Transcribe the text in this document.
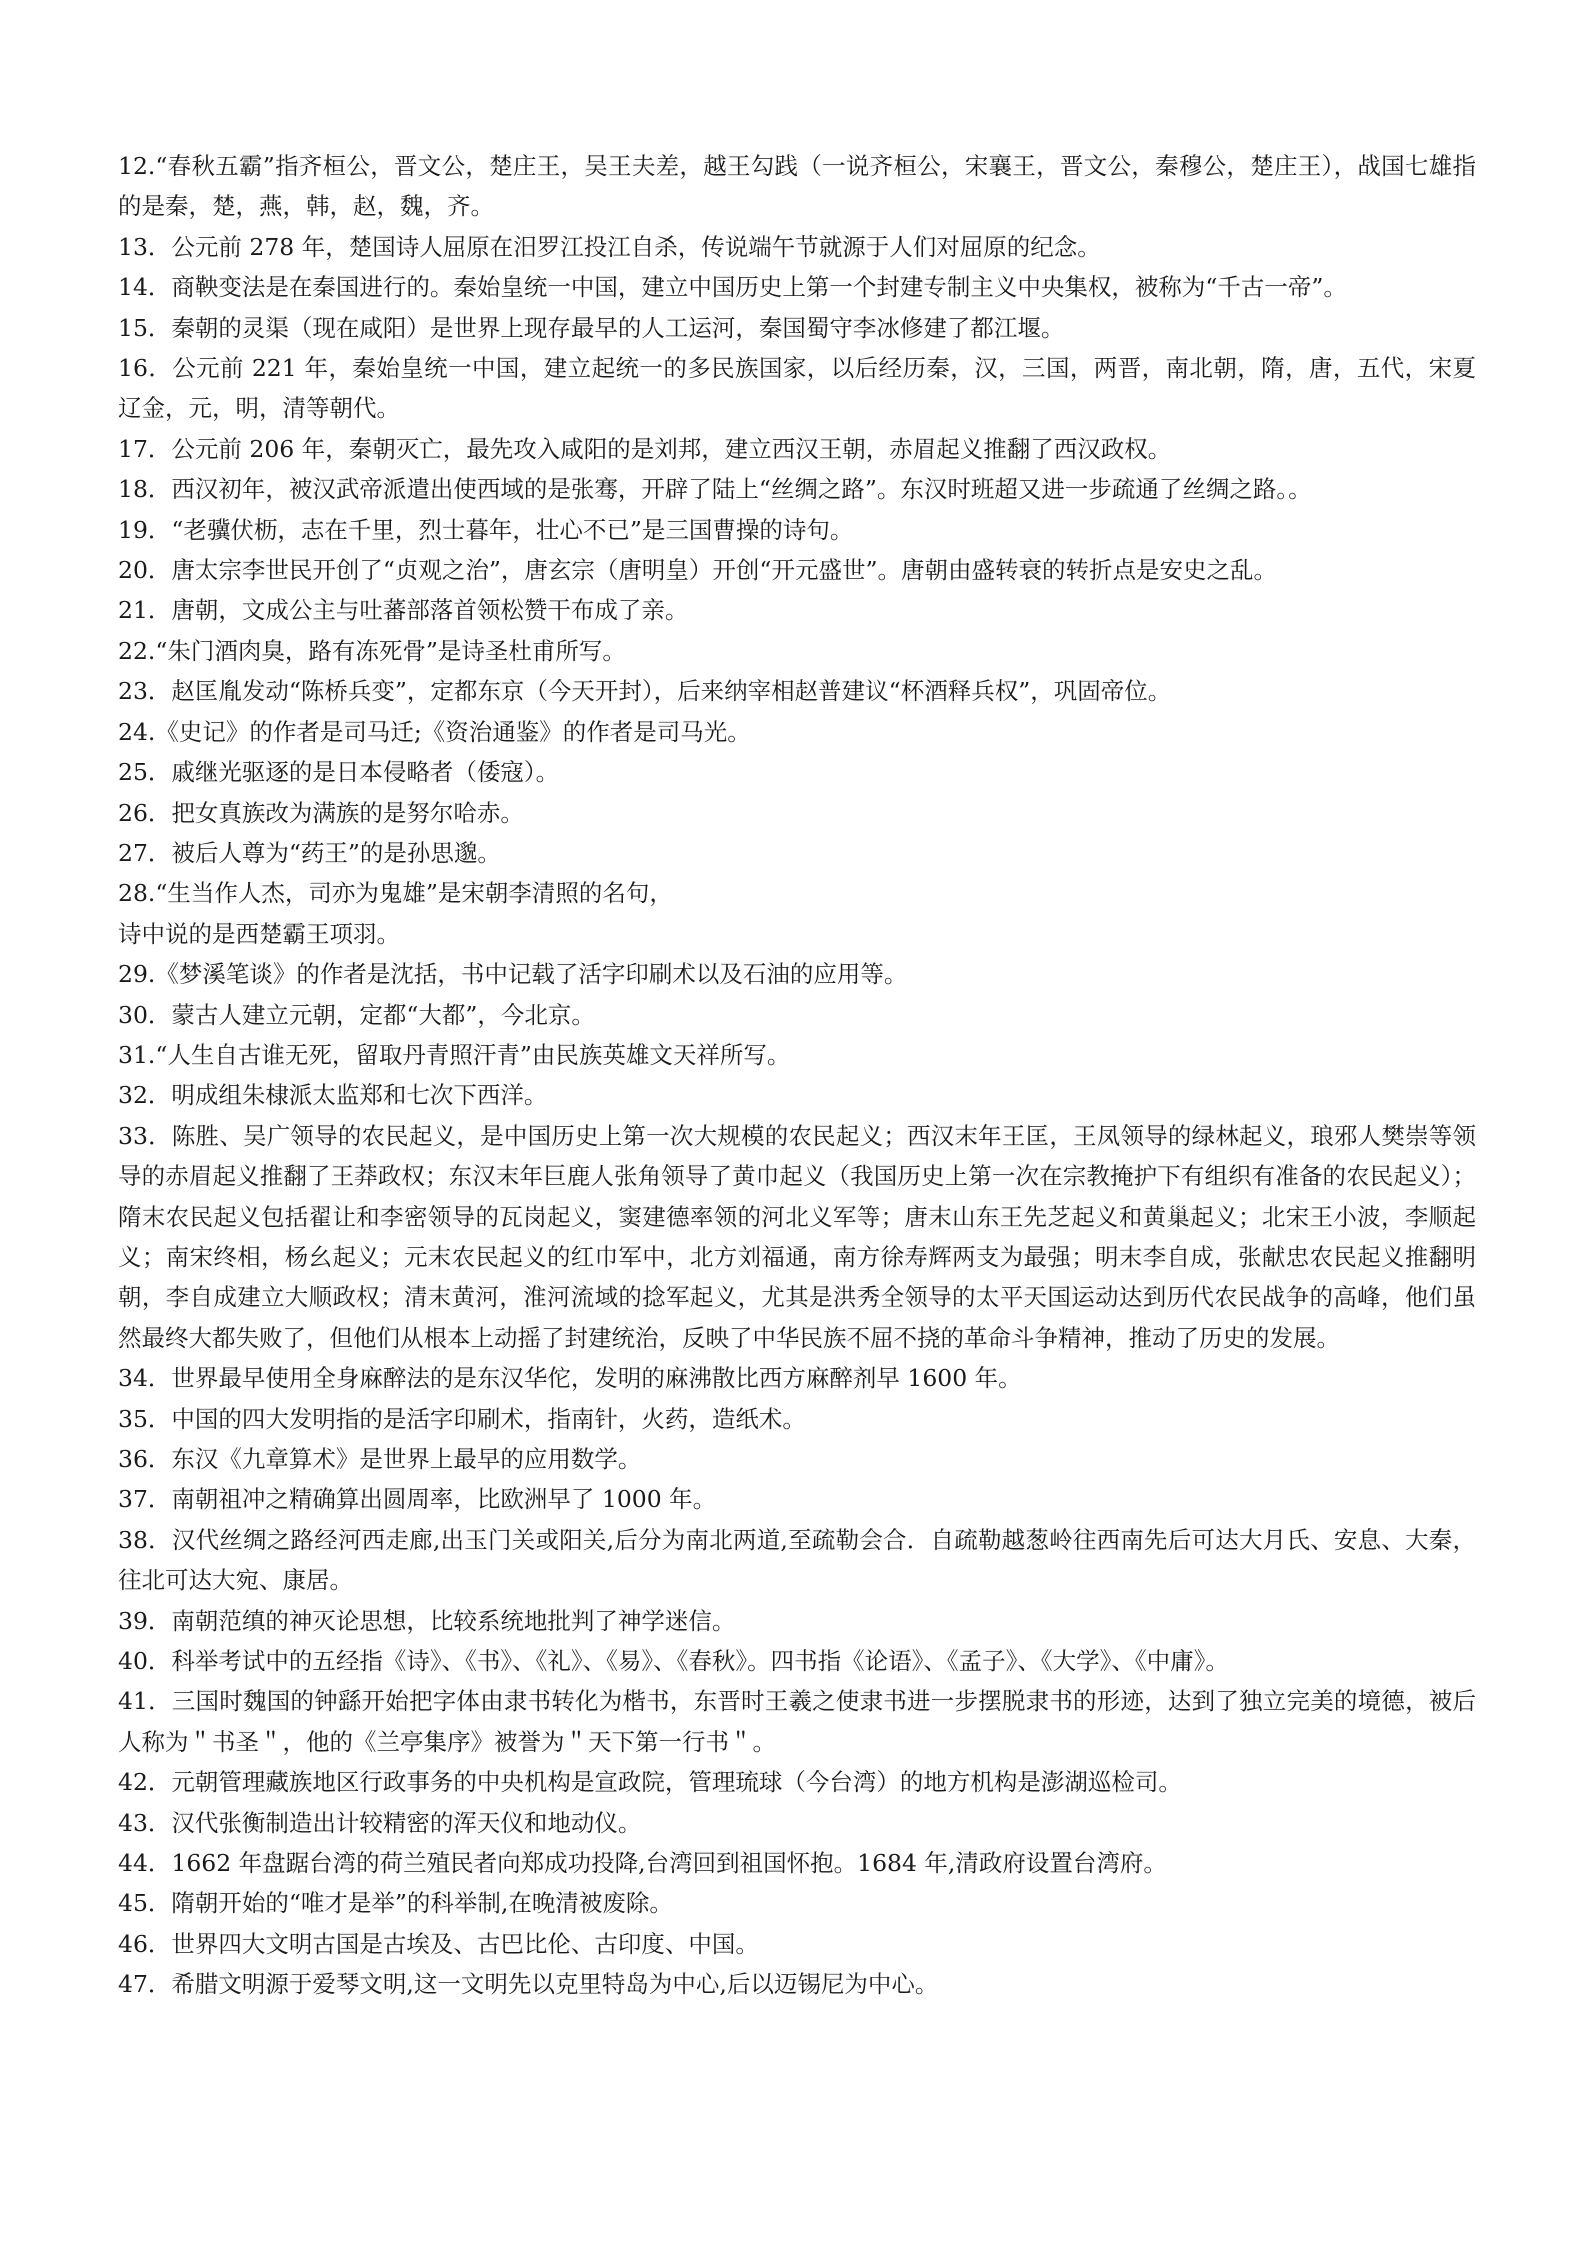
12.“春秋五霸”指齐桓公，晋文公，楚庄王，吴王夫差，越王勾践（一说齐桓公，宋襄王，晋文公，秦穆公，楚庄王），战国七雄指的是秦，楚，燕，韩，赵，魏，齐。

13．公元前 278 年，楚国诗人屈原在汨罗江投江自杀，传说端午节就源于人们对屈原的纪念。

14．商鞅变法是在秦国进行的。秦始皇统一中国，建立中国历史上第一个封建专制主义中央集权，被称为“千古一帝”。

15．秦朝的灵渠（现在咸阳）是世界上现存最早的人工运河，秦国蜀守李冰修建了都江堰。

16．公元前 221 年，秦始皇统一中国，建立起统一的多民族国家，以后经历秦，汉，三国，两晋，南北朝，隋，唐，五代，宋夏辽金，元，明，清等朝代。

17．公元前 206 年，秦朝灭亡，最先攻入咸阳的是刘邦，建立西汉王朝，赤眉起义推翻了西汉政权。

18．西汉初年，被汉武帝派遣出使西域的是张骞，开辟了陆上“丝绸之路”。东汉时班超又进一步疏通了丝绸之路。。

19．“老骥伏枥，志在千里，烈士暮年，壮心不已”是三国曹操的诗句。

20．唐太宗李世民开创了“贞观之治”，唐玄宗（唐明皇）开创“开元盛世”。唐朝由盛转衰的转折点是安史之乱。

21．唐朝，文成公主与吐蕃部落首领松赞干布成了亲。

22.“朱门酒肉臭，路有冻死骨”是诗圣杜甫所写。

23．赵匡胤发动“陈桥兵变”，定都东京（今天开封），后来纳宰相赵普建议“杯酒释兵权”，巩固帝位。

24.《史记》的作者是司马迁;《资治通鉴》的作者是司马光。

25．戚继光驱逐的是日本侵略者（倭寇）。

26．把女真族改为满族的是努尔哈赤。

27．被后人尊为“药王”的是孙思邈。

28.“生当作人杰，司亦为鬼雄”是宋朝李清照的名句，

诗中说的是西楚霸王项羽。

29.《梦溪笔谈》的作者是沈括，书中记载了活字印刷术以及石油的应用等。

30．蒙古人建立元朝，定都“大都”，今北京。

31.“人生自古谁无死，留取丹青照汗青”由民族英雄文天祥所写。

32．明成组朱棣派太监郑和七次下西洋。

33．陈胜、吴广领导的农民起义，是中国历史上第一次大规模的农民起义；西汉末年王匡，王凤领导的绿林起义，琅邪人樊崇等领导的赤眉起义推翻了王莽政权；东汉末年巨鹿人张角领导了黄巾起义（我国历史上第一次在宗教掩护下有组织有准备的农民起义）；隋末农民起义包括翟让和李密领导的瓦岗起义，窦建德率领的河北义军等；唐末山东王先芝起义和黄巢起义；北宋王小波，李顺起义；南宋终相，杨幺起义；元末农民起义的红巾军中，北方刘福通，南方徐寿辉两支为最强；明末李自成，张献忠农民起义推翻明朝，李自成建立大顺政权；清末黄河，淮河流域的捻军起义，尤其是洪秀全领导的太平天国运动达到历代农民战争的高峰，他们虽然最终大都失败了，但他们从根本上动摇了封建统治，反映了中华民族不屈不挠的革命斗争精神，推动了历史的发展。

34．世界最早使用全身麻醉法的是东汉华佗，发明的麻沸散比西方麻醉剂早 1600 年。

35．中国的四大发明指的是活字印刷术，指南针，火药，造纸术。

36．东汉《九章算术》是世界上最早的应用数学。

37．南朝祖冲之精确算出圆周率，比欧洲早了 1000 年。

38．汉代丝绸之路经河西走廊,出玉门关或阳关,后分为南北两道,至疏勒会合．自疏勒越葱岭往西南先后可达大月氏、安息、大秦，往北可达大宛、康居。

39．南朝范缜的神灭论思想，比较系统地批判了神学迷信。

40．科举考试中的五经指《诗》、《书》、《礼》、《易》、《春秋》。四书指《论语》、《孟子》、《大学》、《中庸》。

41．三国时魏国的钟繇开始把字体由隶书转化为楷书，东晋时王羲之使隶书进一步摆脱隶书的形迹，达到了独立完美的境德，被后人称为＂书圣＂，他的《兰亭集序》被誉为＂天下第一行书＂。

42．元朝管理藏族地区行政事务的中央机构是宣政院，管理琉球（今台湾）的地方机构是澎湖巡检司。

43．汉代张衡制造出计较精密的浑天仪和地动仪。

44．1662 年盘踞台湾的荷兰殖民者向郑成功投降,台湾回到祖国怀抱。1684 年,清政府设置台湾府。

45．隋朝开始的“唯才是举”的科举制,在晚清被废除。

46．世界四大文明古国是古埃及、古巴比伦、古印度、中国。

47．希腊文明源于爱琴文明,这一文明先以克里特岛为中心,后以迈锡尼为中心。
